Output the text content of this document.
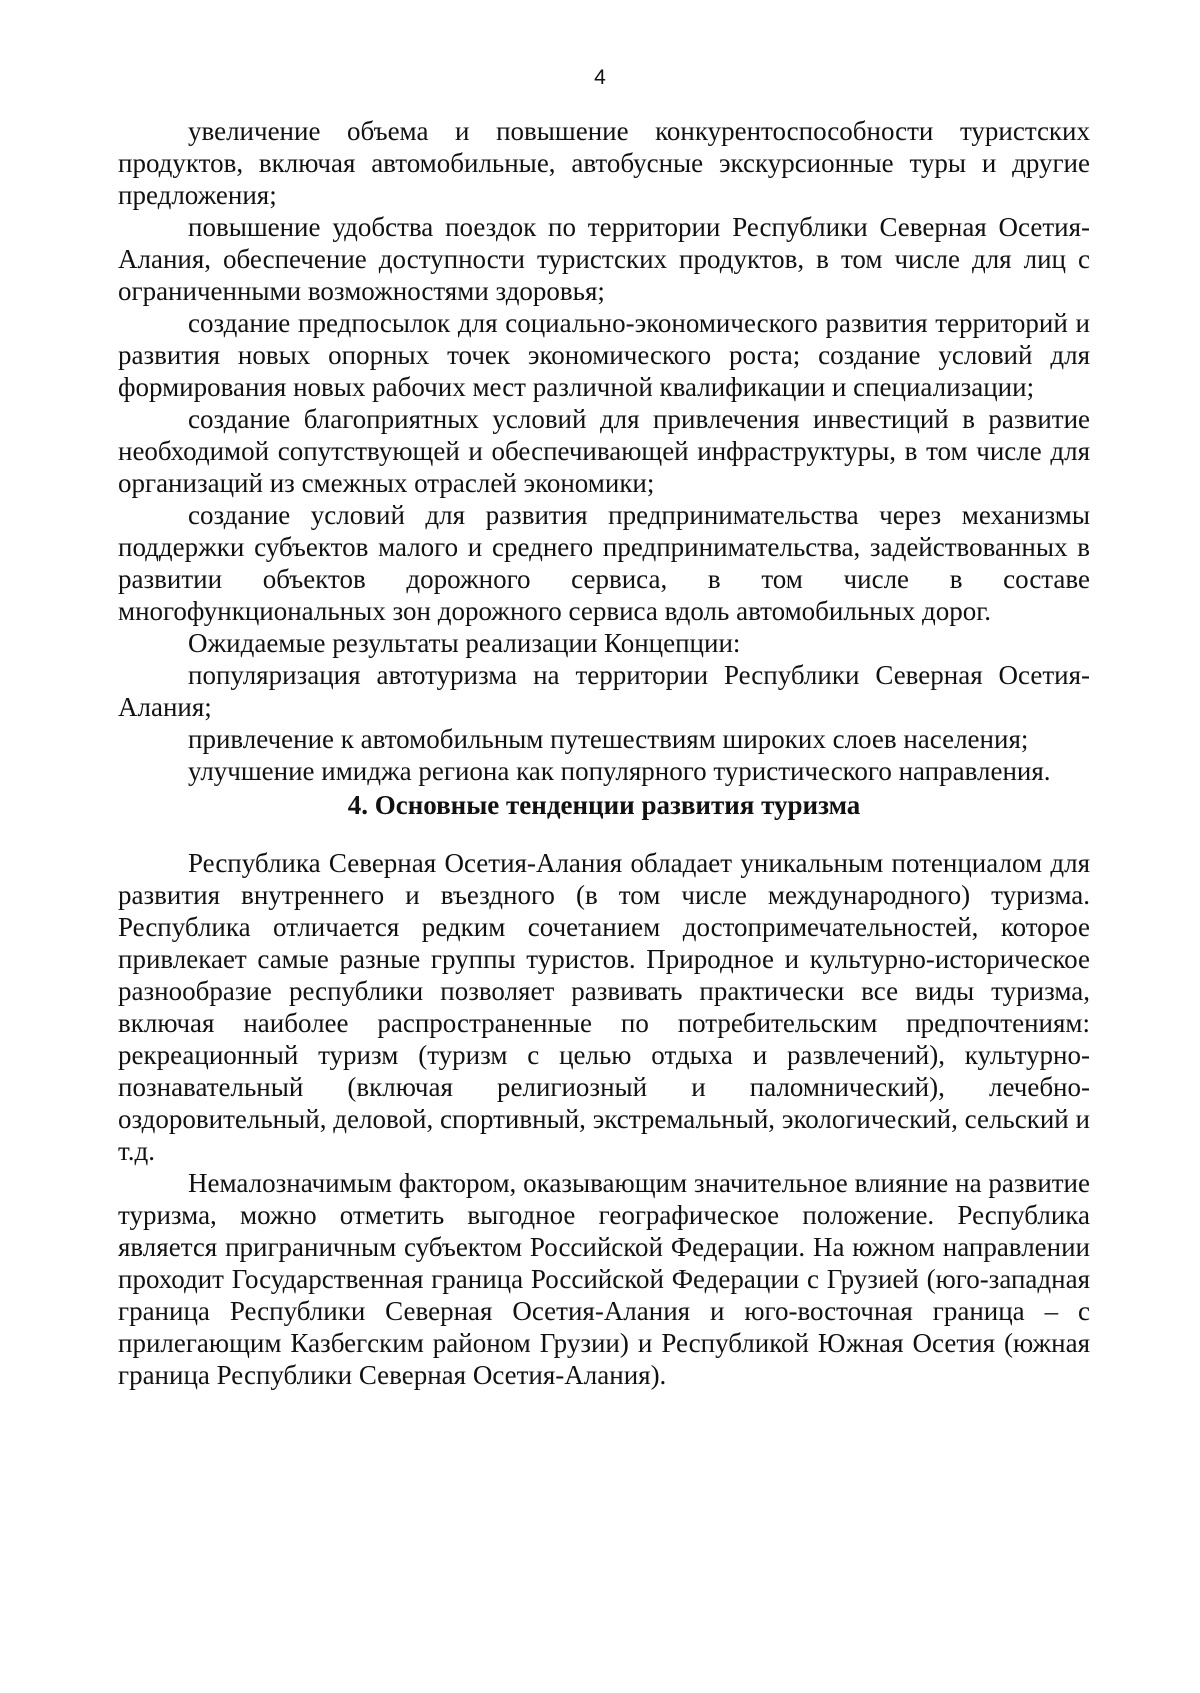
4

увеличение объема и повышение конкурентоспособности туристских продуктов, включая автомобильные, автобусные экскурсионные туры и другие предложения;

повышение удобства поездок по территории Республики Северная Осетия-Алания, обеспечение доступности туристских продуктов, в том числе для лиц с ограниченными возможностями здоровья;

создание предпосылок для социально-экономического развития территорий и развития новых опорных точек экономического роста; создание условий для формирования новых рабочих мест различной квалификации и специализации;

создание благоприятных условий для привлечения инвестиций в развитие необходимой сопутствующей и обеспечивающей инфраструктуры, в том числе для организаций из смежных отраслей экономики;

создание условий для развития предпринимательства через механизмы поддержки субъектов малого и среднего предпринимательства, задействованных в развитии объектов дорожного сервиса, в том числе в составе многофункциональных зон дорожного сервиса вдоль автомобильных дорог.

Ожидаемые результаты реализации Концепции:

популяризация автотуризма на территории Республики Северная Осетия-Алания;

привлечение к автомобильным путешествиям широких слоев населения;

улучшение имиджа региона как популярного туристического направления.

4. Основные тенденции развития туризма

Республика Северная Осетия-Алания обладает уникальным потенциалом для развития внутреннего и въездного (в том числе международного) туризма. Республика отличается редким сочетанием достопримечательностей, которое привлекает самые разные группы туристов. Природное и культурно-историческое разнообразие республики позволяет развивать практически все виды туризма, включая наиболее распространенные по потребительским предпочтениям: рекреационный туризм (туризм с целью отдыха и развлечений), культурно-познавательный (включая религиозный и паломнический), лечебно-оздоровительный, деловой, спортивный, экстремальный, экологический, сельский и т.д.

Немалозначимым фактором, оказывающим значительное влияние на развитие туризма, можно отметить выгодное географическое положение. Республика является приграничным субъектом Российской Федерации. На южном направлении проходит Государственная граница Российской Федерации с Грузией (юго-западная граница Республики Северная Осетия-Алания и юго-восточная граница – с прилегающим Казбегским районом Грузии) и Республикой Южная Осетия (южная граница Республики Северная Осетия-Алания).
